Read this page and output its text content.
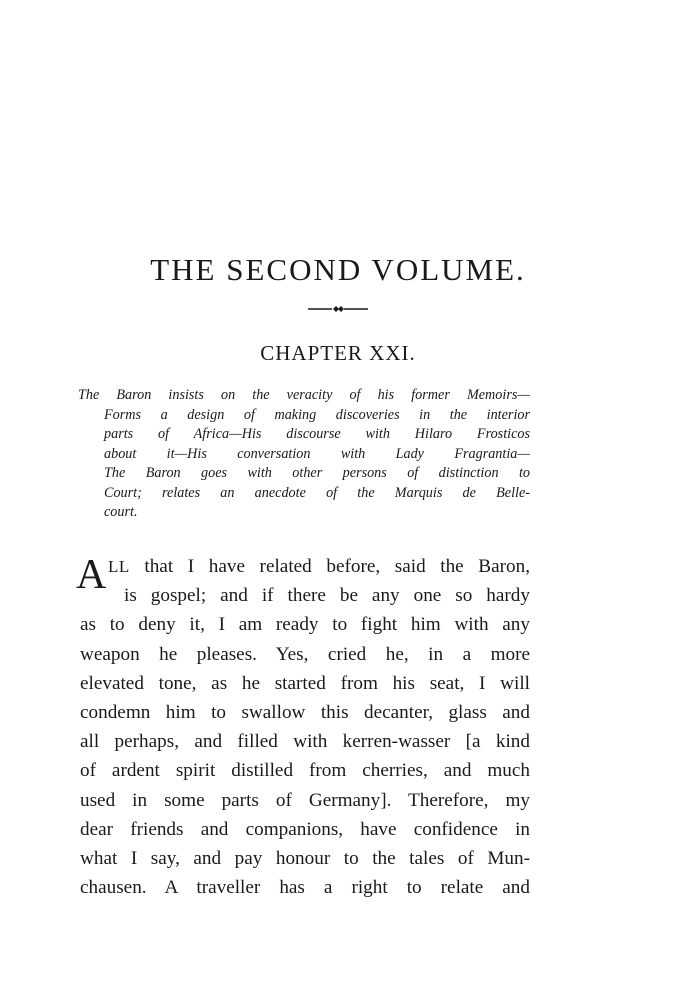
THE SECOND VOLUME.
CHAPTER XXI.
The Baron insists on the veracity of his former Memoirs—
Forms a design of making discoveries in the interior
parts of Africa—His discourse with Hilaro Frosticos
about it—His conversation with Lady Fragrantia—
The Baron goes with other persons of distinction to
Court; relates an anecdote of the Marquis de Belle-
court.
A LL that I have related before, said the Baron,
is gospel; and if there be any one so hardy
as to deny it, I am ready to fight him with any
weapon he pleases. Yes, cried he, in a more
elevated tone, as he started from his seat, I will
condemn him to swallow this decanter, glass and
all perhaps, and filled with kerren-wasser [a kind
of ardent spirit distilled from cherries, and much
used in some parts of Germany]. Therefore, my
dear friends and companions, have confidence in
what I say, and pay honour to the tales of Mun-
chausen. A traveller has a right to relate and
